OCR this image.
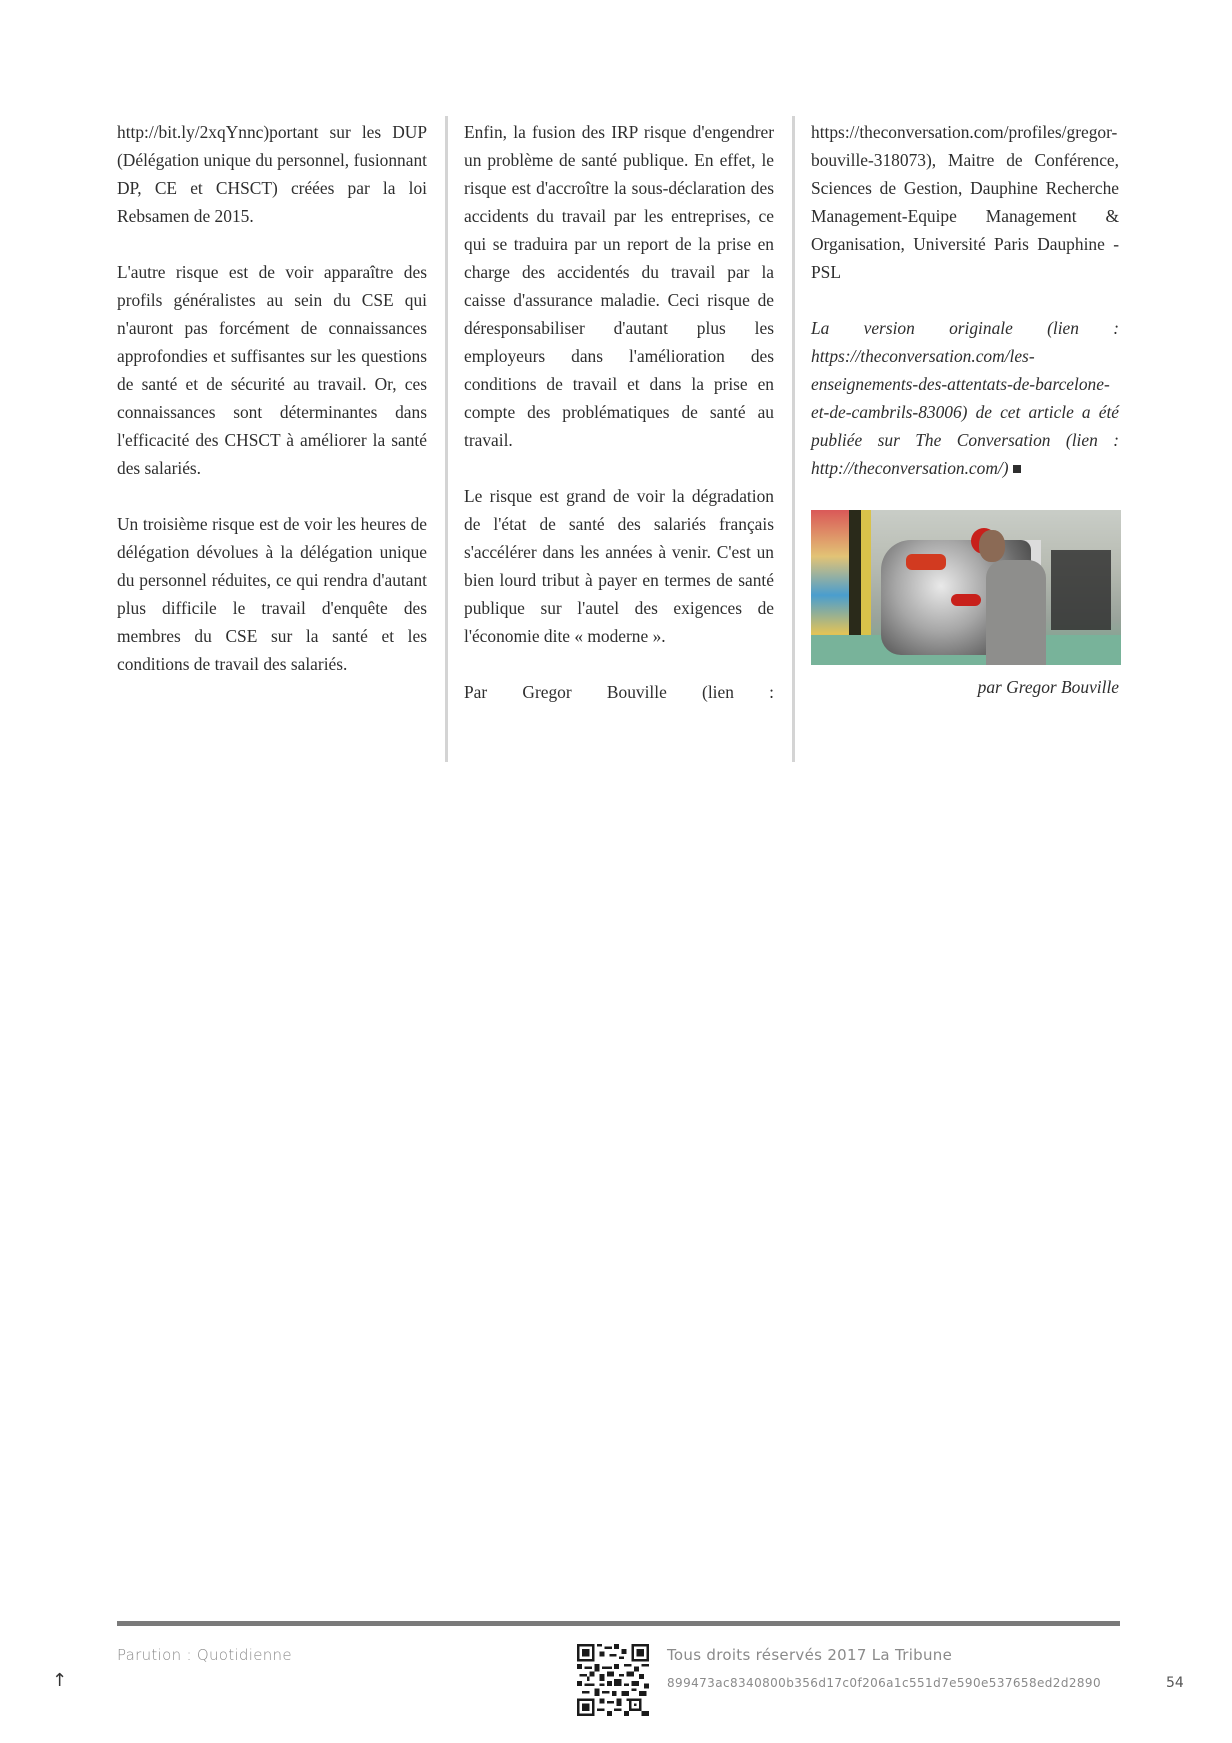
http://bit.ly/2xqYnnc)portant sur les DUP (Délégation unique du personnel, fusionnant DP, CE et CHSCT) créées par la loi Rebsamen de 2015.

L'autre risque est de voir apparaître des profils généralistes au sein du CSE qui n'auront pas forcément de connaissances approfondies et suffisantes sur les questions de santé et de sécurité au travail. Or, ces connaissances sont déterminantes dans l'efficacité des CHSCT à améliorer la santé des salariés.

Un troisième risque est de voir les heures de délégation dévolues à la délégation unique du personnel réduites, ce qui rendra d'autant plus difficile le travail d'enquête des membres du CSE sur la santé et les conditions de travail des salariés.

Enfin, la fusion des IRP risque d'engendrer un problème de santé publique. En effet, le risque est d'accroître la sous-déclaration des accidents du travail par les entreprises, ce qui se traduira par un report de la prise en charge des accidentés du travail par la caisse d'assurance maladie. Ceci risque de déresponsabiliser d'autant plus les employeurs dans l'amélioration des conditions de travail et dans la prise en compte des problématiques de santé au travail.

Le risque est grand de voir la dégradation de l'état de santé des salariés français s'accélérer dans les années à venir. C'est un bien lourd tribut à payer en termes de santé publique sur l'autel des exigences de l'économie dite « moderne ».

Par Gregor Bouville (lien :

https://theconversation.com/profiles/gregor-bouville-318073), Maitre de Conférence, Sciences de Gestion, Dauphine Recherche Management-Equipe Management & Organisation, Université Paris Dauphine - PSL

La version originale (lien : https://theconversation.com/les-enseignements-des-attentats-de-barcelone-et-de-cambrils-83006) de cet article a été publiée sur The Conversation (lien : http://theconversation.com/)

par Gregor Bouville
Parution : Quotidienne	Tous droits réservés 2017 La Tribune
899473ac8340800b356d17c0f206a1c551d7e590e537658ed2d2890	54
↑
